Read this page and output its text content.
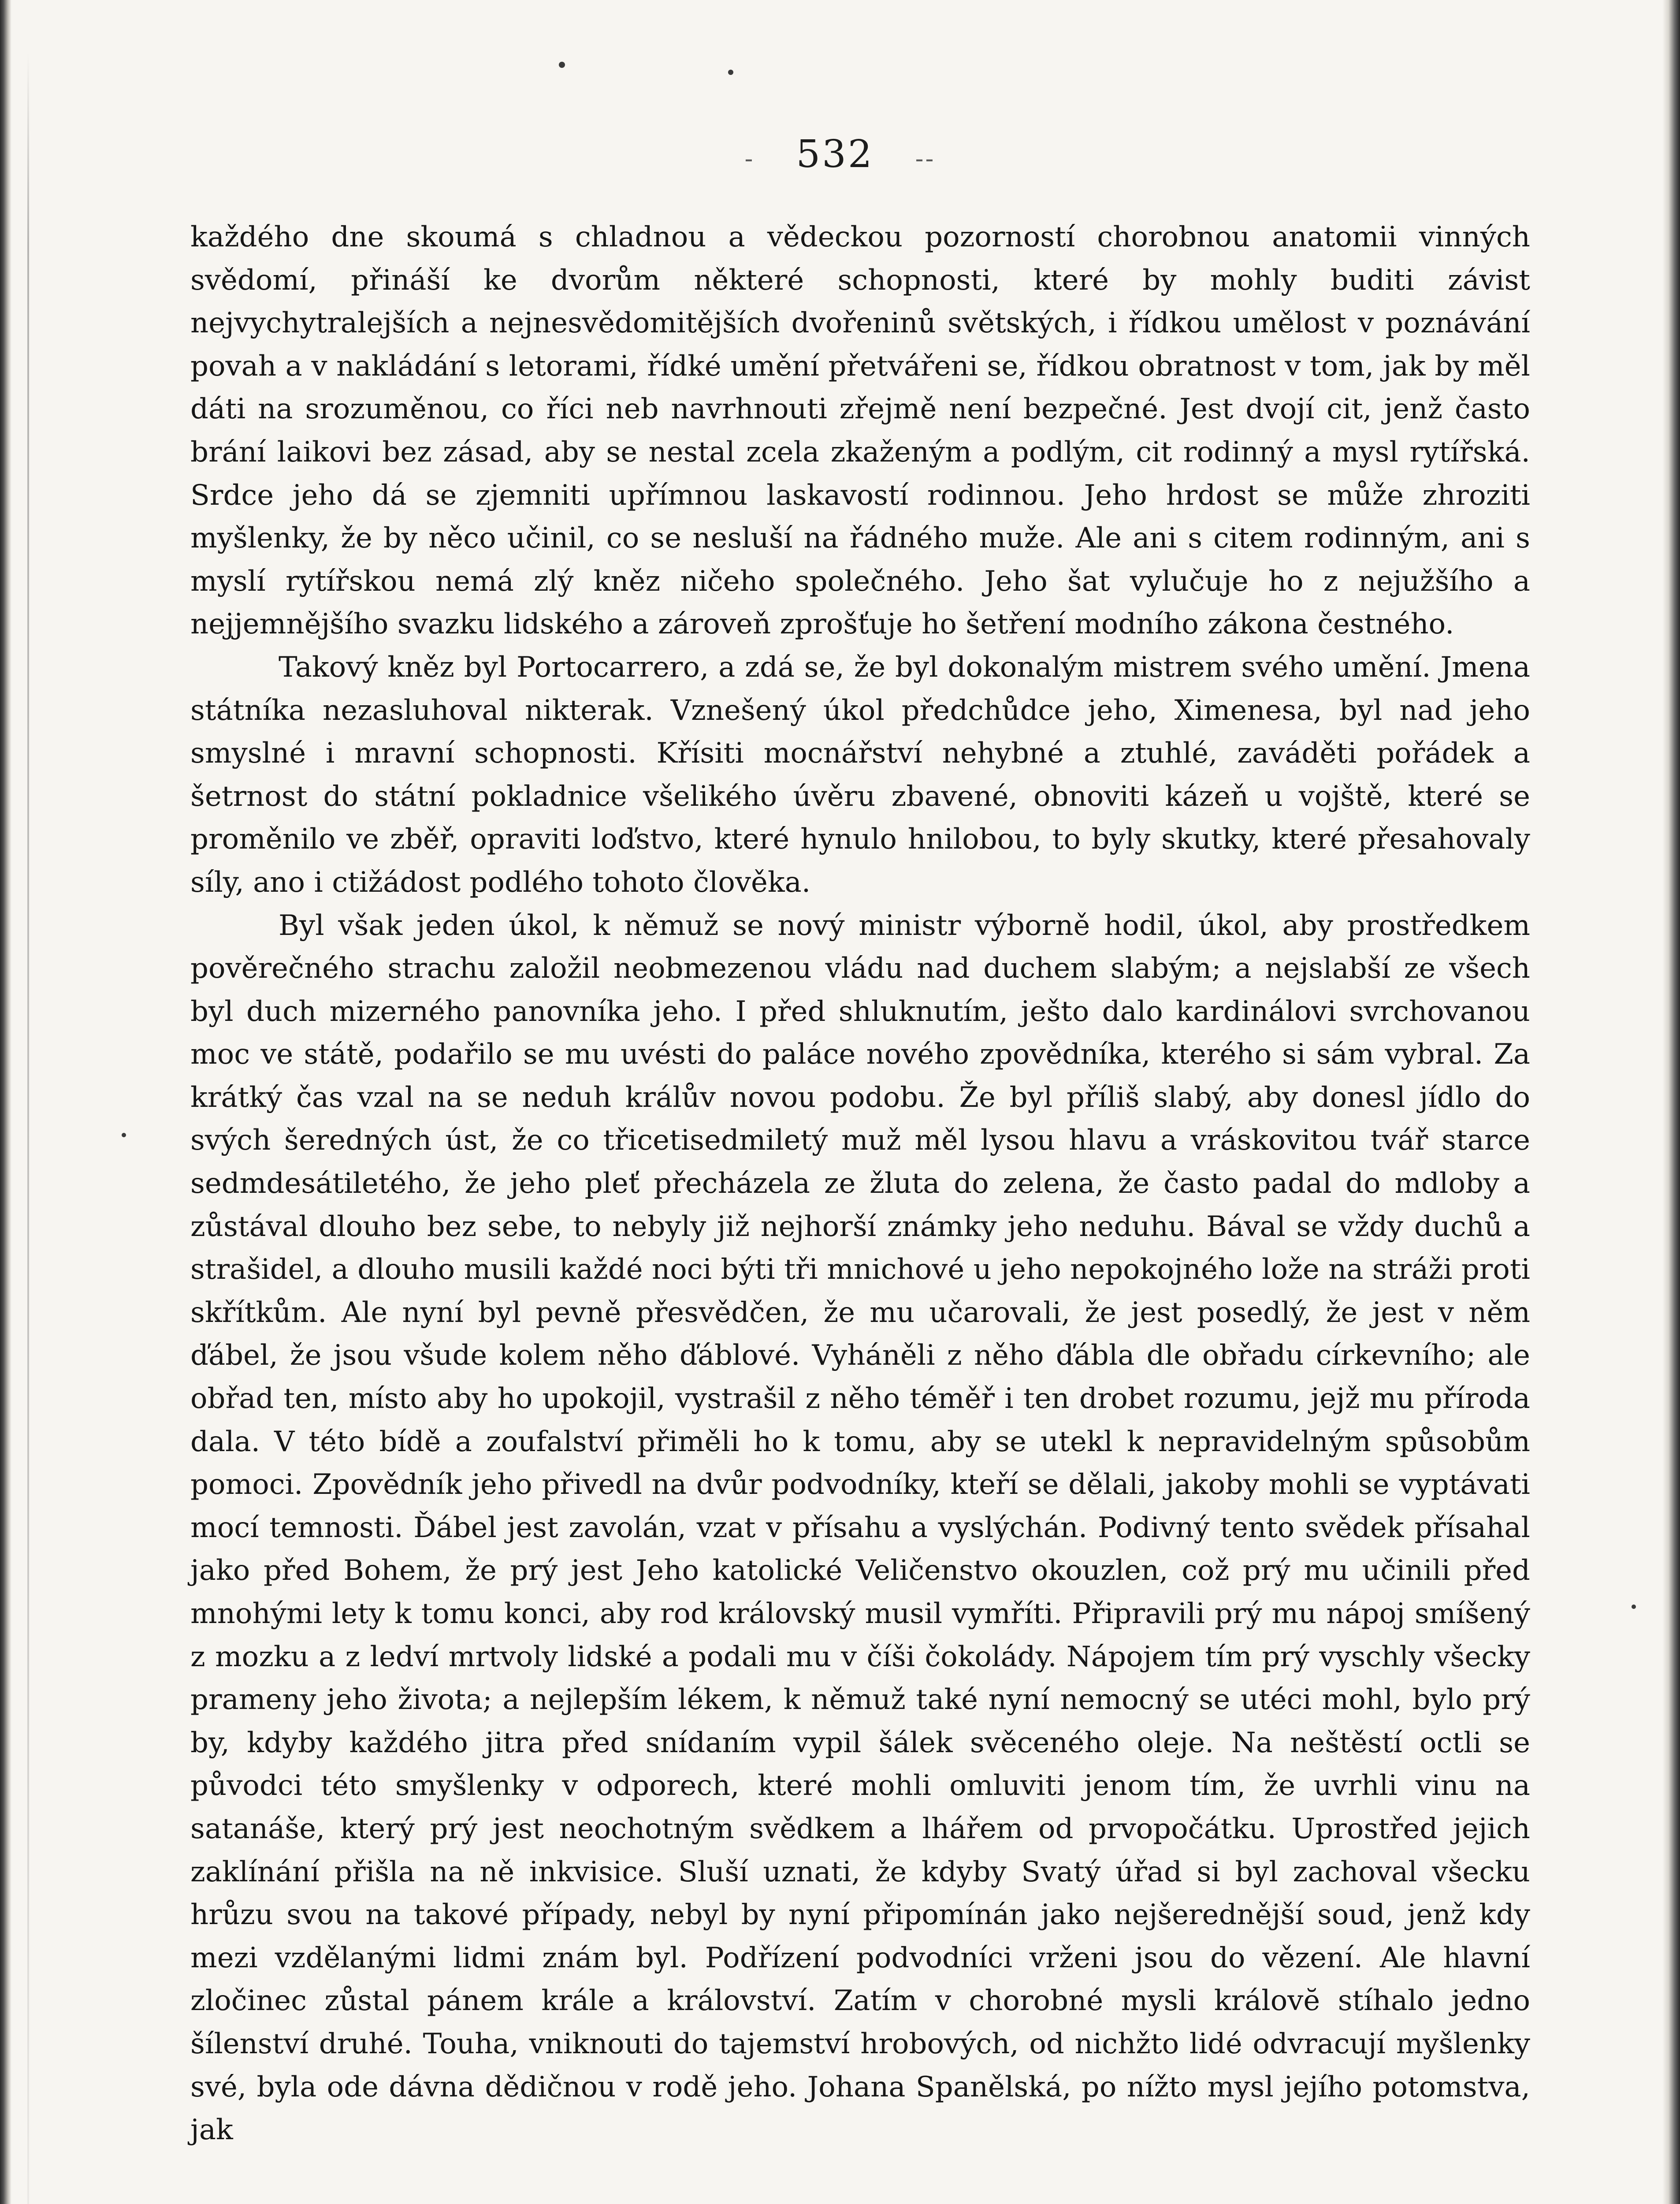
- 532 --

každého dne skoumá s chladnou a vědeckou pozorností chorobnou anatomii vinných svědomí, přináší ke dvorům některé schopnosti, které by mohly buditi závist nejvychytralejších a nejnesvědomitějších dvořeninů světských, i řídkou umělost v poznávání povah a v nakládání s letorami, řídké umění přetvářeni se, řídkou obratnost v tom, jak by měl dáti na srozuměnou, co říci neb navrhnouti zřejmě není bezpečné. Jest dvojí cit, jenž často brání laikovi bez zásad, aby se nestal zcela zkaženým a podlým, cit rodinný a mysl rytířská. Srdce jeho dá se zjemniti upřímnou laskavostí rodinnou. Jeho hrdost se může zhroziti myšlenky, že by něco učinil, co se nesluší na řádného muže. Ale ani s citem rodinným, ani s myslí rytířskou nemá zlý kněz ničeho společného. Jeho šat vylučuje ho z nejužšího a nejjemnějšího svazku lidského a zároveň zprošťuje ho šetření modního zákona čestného.

Takový kněz byl Portocarrero, a zdá se, že byl dokonalým mistrem svého umění. Jmena státníka nezasluhoval nikterak. Vznešený úkol předchůdce jeho, Ximenesa, byl nad jeho smyslné i mravní schopnosti. Křísiti mocnářství nehybné a ztuhlé, zaváděti pořádek a šetrnost do státní pokladnice všelikého úvěru zbavené, obnoviti kázeň u vojště, které se proměnilo ve zběř, opraviti loďstvo, které hynulo hnilobou, to byly skutky, které přesahovaly síly, ano i ctižádost podlého tohoto člověka.

Byl však jeden úkol, k němuž se nový ministr výborně hodil, úkol, aby prostředkem pověrečného strachu založil neobmezenou vládu nad duchem slabým; a nejslabší ze všech byl duch mizerného panovníka jeho. I před shluknutím, ješto dalo kardinálovi svrchovanou moc ve státě, podařilo se mu uvésti do paláce nového zpovědníka, kterého si sám vybral. Za krátký čas vzal na se neduh králův novou podobu. Že byl příliš slabý, aby donesl jídlo do svých šeredných úst, že co třicetisedmiletý muž měl lysou hlavu a vráskovitou tvář starce sedmdesátiletého, že jeho pleť přecházela ze žluta do zelena, že často padal do mdloby a zůstával dlouho bez sebe, to nebyly již nejhorší známky jeho neduhu. Bával se vždy duchů a strašidel, a dlouho musili každé noci býti tři mnichové u jeho nepokojného lože na stráži proti skřítkům. Ale nyní byl pevně přesvědčen, že mu učarovali, že jest posedlý, že jest v něm ďábel, že jsou všude kolem něho ďáblové. Vyháněli z něho ďábla dle obřadu církevního; ale obřad ten, místo aby ho upokojil, vystrašil z něho téměř i ten drobet rozumu, jejž mu příroda dala. V této bídě a zoufalství přiměli ho k tomu, aby se utekl k nepravidelným spůsobům pomoci. Zpovědník jeho přivedl na dvůr podvodníky, kteří se dělali, jakoby mohli se vyptávati mocí temnosti. Ďábel jest zavolán, vzat v přísahu a vyslýchán. Podivný tento svědek přísahal jako před Bohem, že prý jest Jeho katolické Veličenstvo okouzlen, což prý mu učinili před mnohými lety k tomu konci, aby rod královský musil vymříti. Připravili prý mu nápoj smíšený z mozku a z ledví mrtvoly lidské a podali mu v číši čokolády. Nápojem tím prý vyschly všecky prameny jeho života; a nejlepším lékem, k němuž také nyní nemocný se utéci mohl, bylo prý by, kdyby každého jitra před snídaním vypil šálek svěceného oleje. Na neštěstí octli se původci této smyšlenky v odporech, které mohli omluviti jenom tím, že uvrhli vinu na satanáše, který prý jest neochotným svědkem a lhářem od prvopočátku. Uprostřed jejich zaklínání přišla na ně inkvisice. Sluší uznati, že kdyby Svatý úřad si byl zachoval všecku hrůzu svou na takové případy, nebyl by nyní připomínán jako nejšerednější soud, jenž kdy mezi vzdělanými lidmi znám byl. Podřízení podvodníci vrženi jsou do vězení. Ale hlavní zločinec zůstal pánem krále a království. Zatím v chorobné mysli královĕ stíhalo jedno šílenství druhé. Touha, vniknouti do tajemství hrobových, od nichžto lidé odvracují myšlenky své, byla ode dávna dědičnou v rodě jeho. Johana Spanělská, po nížto mysl jejího potomstva, jak
